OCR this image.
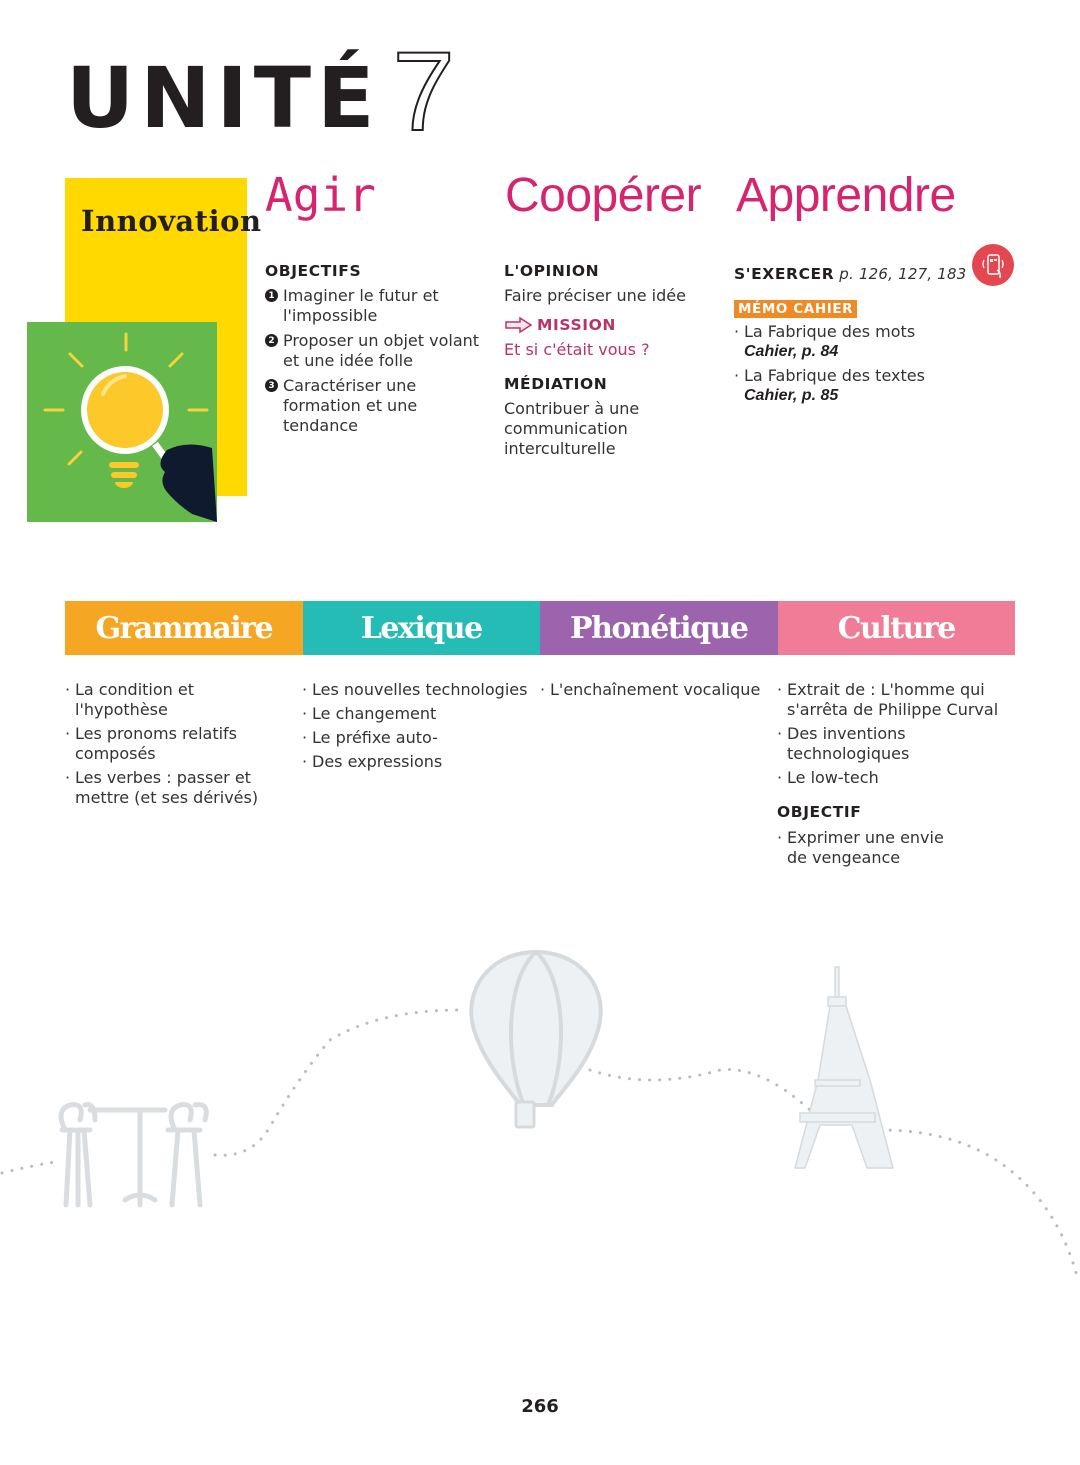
UNITÉ 7
Innovation Agir
OBJECTIFS
1 Imaginer le futur et l'impossible
2 Proposer un objet volant et une idée folle
3 Caractériser une formation et une tendance
Coopérer
L'OPINION
Faire préciser une idée
MISSION
Et si c'était vous ?
MÉDIATION
Contribuer à une communication interculturelle
Apprendre
S'EXERCER p. 126, 127, 183
MÉMO CAHIER
· La Fabrique des mots
Cahier, p. 84
· La Fabrique des textes
Cahier, p. 85
Grammaire	Lexique	Phonétique	Culture
· La condition et l'hypothèse
· Les pronoms relatifs composés
· Les verbes : passer et mettre (et ses dérivés)
· Les nouvelles technologies
· Le changement
· Le préfixe auto-
· Des expressions
· L'enchaînement vocalique · Extrait de : L'homme qui s'arrêta de Philippe Curval
· Des inventions technologiques
· Le low-tech
OBJECTIF
· Exprimer une envie de vengeance
266
